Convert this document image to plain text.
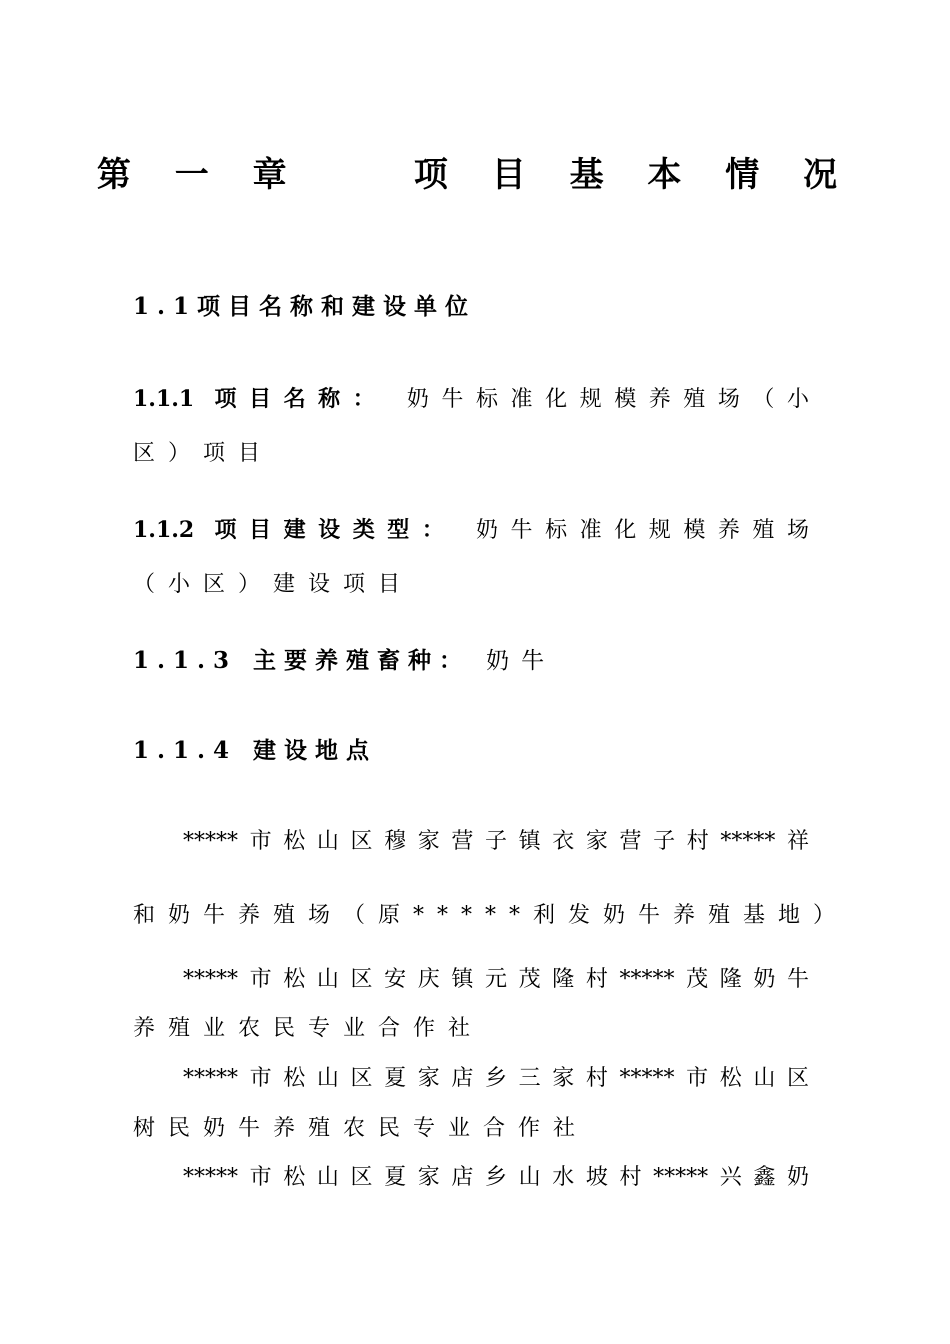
第 一 章    项 目 基 本 情 况
1.1项目名称和建设单位
1.1.1 项目名称： 奶牛标准化规模养殖场（小
区）项目
1.1.2 项目建设类型： 奶牛标准化规模养殖场
（小区）建设项目
1.1.3 主要养殖畜种： 奶牛
1.1.4 建设地点
*****市松山区穆家营子镇衣家营子村*****祥
和奶牛养殖场（原*****利发奶牛养殖基地）
*****市松山区安庆镇元茂隆村*****茂隆奶牛
养殖业农民专业合作社
*****市松山区夏家店乡三家村*****市松山区
树民奶牛养殖农民专业合作社
*****市松山区夏家店乡山水坡村*****兴鑫奶
